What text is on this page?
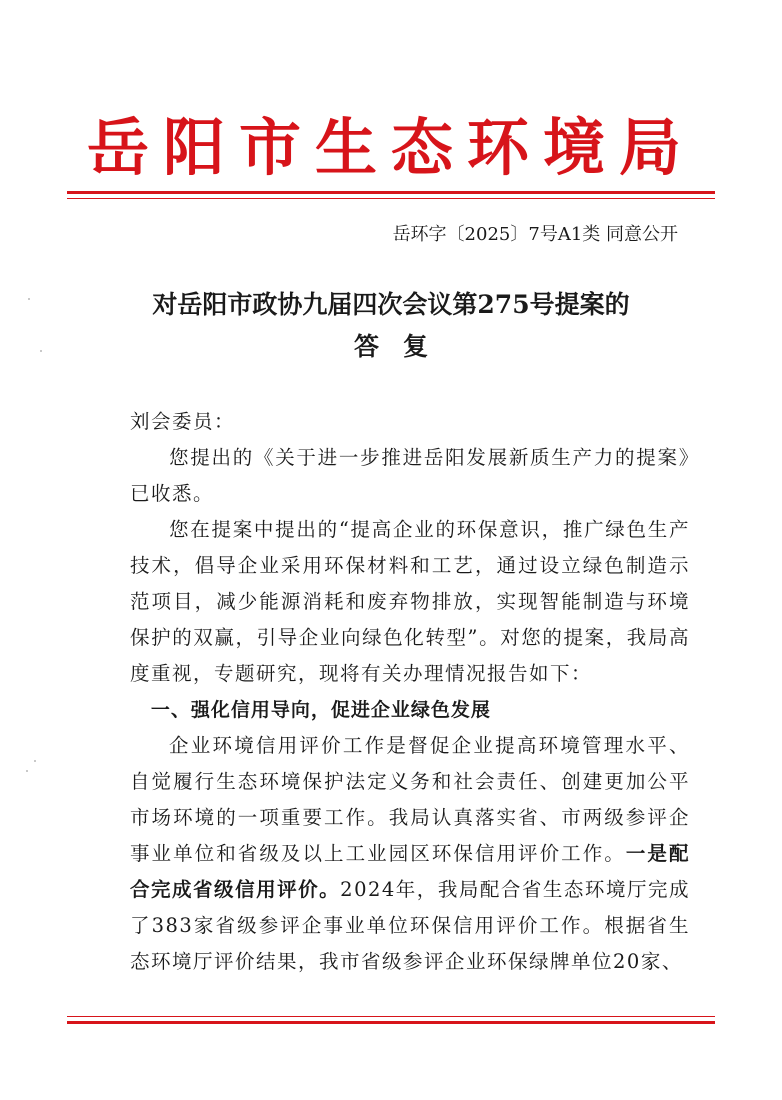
岳阳市生态环境局
岳环字〔2025〕7号A1类 同意公开
对岳阳市政协九届四次会议第275号提案的
答复
刘会委员：
您提出的《关于进一步推进岳阳发展新质生产力的提案》已收悉。
您在提案中提出的“提高企业的环保意识，推广绿色生产技术，倡导企业采用环保材料和工艺，通过设立绿色制造示范项目，减少能源消耗和废弃物排放，实现智能制造与环境保护的双赢，引导企业向绿色化转型”。对您的提案，我局高度重视，专题研究，现将有关办理情况报告如下：
一、强化信用导向，促进企业绿色发展
企业环境信用评价工作是督促企业提高环境管理水平、自觉履行生态环境保护法定义务和社会责任、创建更加公平市场环境的一项重要工作。我局认真落实省、市两级参评企事业单位和省级及以上工业园区环保信用评价工作。一是配合完成省级信用评价。2024年，我局配合省生态环境厅完成了383家省级参评企事业单位环保信用评价工作。根据省生态环境厅评价结果，我市省级参评企业环保绿牌单位20家、
